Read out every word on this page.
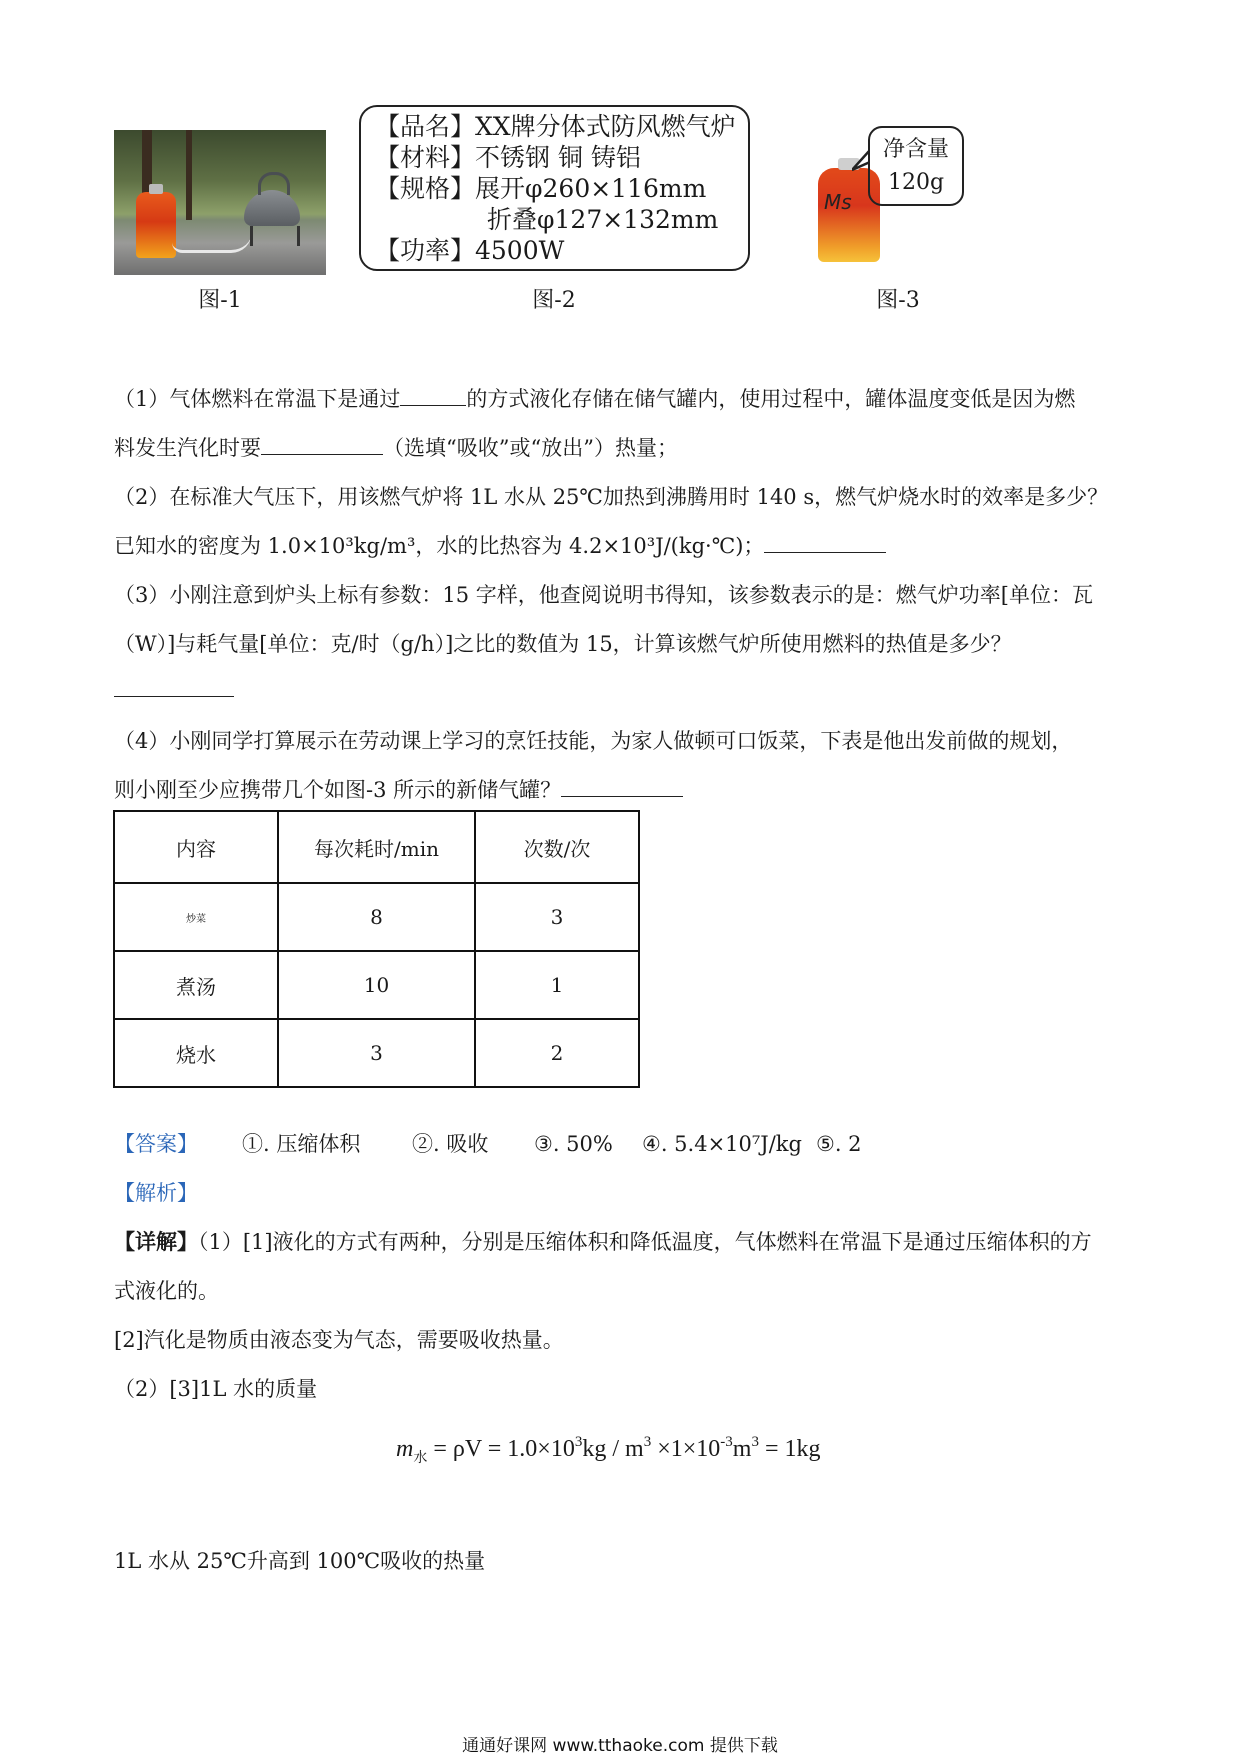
图-1
【品名】XX牌分体式防风燃气炉
【材料】不锈钢 铜 铸铝
【规格】展开φ260×116mm
折叠φ127×132mm
【功率】4500W
图-2
Ms
净含量
120g
图-3
（1）气体燃料在常温下是通过	的方式液化存储在储气罐内，使用过程中，罐体温度变低是因为燃
料发生汽化时要	（选填“吸收”或“放出”）热量；
（2）在标准大气压下，用该燃气炉将 1L 水从 25℃加热到沸腾用时 140 s，燃气炉烧水时的效率是多少？
已知水的密度为 1.0×10³kg/m³，水的比热容为 4.2×10³J/(kg·℃)；
（3）小刚注意到炉头上标有参数：15 字样，他查阅说明书得知，该参数表示的是：燃气炉功率[单位：瓦
（W）]与耗气量[单位：克/时（g/h）]之比的数值为 15，计算该燃气炉所使用燃料的热值是多少？
（4）小刚同学打算展示在劳动课上学习的烹饪技能，为家人做顿可口饭菜，下表是他出发前做的规划，
则小刚至少应携带几个如图-3 所示的新储气罐？
内容	每次耗时/min	次数/次
炒菜	8	3
煮汤	10	1
烧水	3	2
【答案】 ①. 压缩体积 ②. 吸收 ③. 50% ④. 5.4×10⁷J/kg ⑤. 2
【解析】
【详解】（1）[1]液化的方式有两种，分别是压缩体积和降低温度，气体燃料在常温下是通过压缩体积的方
式液化的。
[2]汽化是物质由液态变为气态，需要吸收热量。
（2）[3]1L 水的质量
$m_水 = \rho V = 1.0\times 10^3kg / m^3 \times 1\times 10^{-3}m^3 = 1kg$
1L 水从 25℃升高到 100℃吸收的热量
通通好课网 www.tthaoke.com 提供下载
